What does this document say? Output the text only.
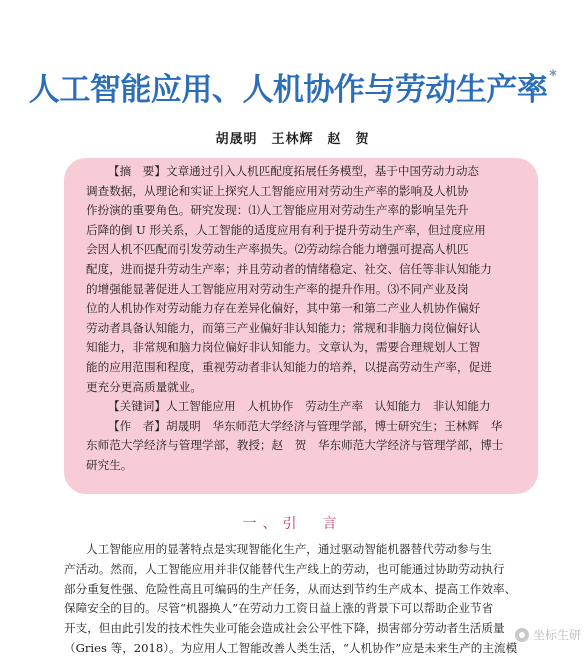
人工智能应用、人机协作与劳动生产率 *
胡晟明　王林辉　赵　贺
【摘　要】文章通过引入人机匹配度拓展任务模型，基于中国劳动力动态
调查数据，从理论和实证上探究人工智能应用对劳动生产率的影响及人机协
作扮演的重要角色。研究发现：⑴人工智能应用对劳动生产率的影响呈先升
后降的倒 U 形关系，人工智能的适度应用有利于提升劳动生产率，但过度应用
会因人机不匹配而引发劳动生产率损失。⑵劳动综合能力增强可提高人机匹
配度，进而提升劳动生产率；并且劳动者的情绪稳定、社交、信任等非认知能力
的增强能显著促进人工智能应用对劳动生产率的提升作用。⑶不同产业及岗
位的人机协作对劳动能力存在差异化偏好，其中第一和第二产业人机协作偏好
劳动者具备认知能力，而第三产业偏好非认知能力；常规和非脑力岗位偏好认
知能力，非常规和脑力岗位偏好非认知能力。文章认为，需要合理规划人工智
能的应用范围和程度，重视劳动者非认知能力的培养，以提高劳动生产率，促进
更充分更高质量就业。
【关键词】人工智能应用　人机协作　劳动生产率　认知能力　非认知能力
【作　者】胡晟明　华东师范大学经济与管理学部，博士研究生；王林辉　华
东师范大学经济与管理学部，教授；赵　贺　华东师范大学经济与管理学部，博士
研究生。
一、引　言
人工智能应用的显著特点是实现智能化生产，通过驱动智能机器替代劳动参与生
产活动。然而，人工智能应用并非仅能替代生产线上的劳动，也可能通过协助劳动执行
部分重复性强、危险性高且可编码的生产任务，从而达到节约生产成本、提高工作效率、
保障安全的目的。尽管“机器换人”在劳动力工资日益上涨的背景下可以帮助企业节省
开支，但由此引发的技术性失业可能会造成社会公平性下降，损害部分劳动者生活质量
（Gries 等，2018）。为应用人工智能改善人类生活，“人机协作”应是未来生产的主流模
坐标生研
